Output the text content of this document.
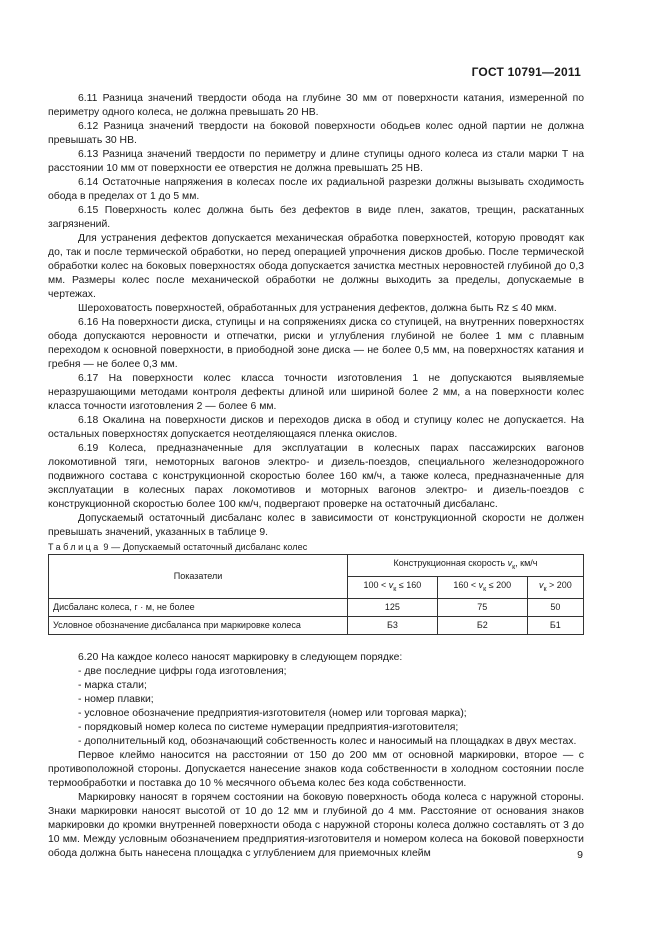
ГОСТ 10791—2011

6.11 Разница значений твердости обода на глубине 30 мм от поверхности катания, измеренной по периметру одного колеса, не должна превышать 20 НВ.

6.12 Разница значений твердости на боковой поверхности ободьев колес одной партии не должна превышать 30 НВ.

6.13 Разница значений твердости по периметру и длине ступицы одного колеса из стали марки Т на расстоянии 10 мм от поверхности ее отверстия не должна превышать 25 НВ.

6.14 Остаточные напряжения в колесах после их радиальной разрезки должны вызывать сходимость обода в пределах от 1 до 5 мм.

6.15 Поверхность колес должна быть без дефектов в виде плен, закатов, трещин, раскатанных загрязнений.

Для устранения дефектов допускается механическая обработка поверхностей, которую проводят как до, так и после термической обработки, но перед операцией упрочнения дисков дробью. После термической обработки колес на боковых поверхностях обода допускается зачистка местных неровностей глубиной до 0,3 мм. Размеры колес после механической обработки не должны выходить за пределы, допускаемые в чертежах.

Шероховатость поверхностей, обработанных для устранения дефектов, должна быть Rz ≤ 40 мкм.

6.16 На поверхности диска, ступицы и на сопряжениях диска со ступицей, на внутренних поверхностях обода допускаются неровности и отпечатки, риски и углубления глубиной не более 1 мм с плавным переходом к основной поверхности, в приободной зоне диска — не более 0,5 мм, на поверхностях катания и гребня — не более 0,3 мм.

6.17 На поверхности колес класса точности изготовления 1 не допускаются выявляемые неразрушающими методами контроля дефекты длиной или шириной более 2 мм, а на поверхности колес класса точности изготовления 2 — более 6 мм.

6.18 Окалина на поверхности дисков и переходов диска в обод и ступицу колес не допускается. На остальных поверхностях допускается неотделяющаяся пленка окислов.

6.19 Колеса, предназначенные для эксплуатации в колесных парах пассажирских вагонов локомотивной тяги, немоторных вагонов электро- и дизель-поездов, специального железнодорожного подвижного состава с конструкционной скоростью более 160 км/ч, а также колеса, предназначенные для эксплуатации в колесных парах локомотивов и моторных вагонов электро- и дизель-поездов с конструкционной скоростью более 100 км/ч, подвергают проверке на остаточный дисбаланс.

Допускаемый остаточный дисбаланс колес в зависимости от конструкционной скорости не должен превышать значений, указанных в таблице 9.

Таблица 9 — Допускаемый остаточный дисбаланс колес

Показатели	Конструкционная скорость $v_к$, км/ч		
	$100 < v_к \le 160$	$160 < v_к \le 200$	$v_к > 200$
Дисбаланс колеса, г · м, не более	125	75	50
Условное обозначение дисбаланса при маркировке колеса	Б3	Б2	Б1

6.20 На каждое колесо наносят маркировку в следующем порядке:

- две последние цифры года изготовления;

- марка стали;

- номер плавки;

- условное обозначение предприятия-изготовителя (номер или торговая марка);

- порядковый номер колеса по системе нумерации предприятия-изготовителя;

- дополнительный код, обозначающий собственность колес и наносимый на площадках в двух местах.

Первое клеймо наносится на расстоянии от 150 до 200 мм от основной маркировки, второе — с противоположной стороны. Допускается нанесение знаков кода собственности в холодном состоянии после термообработки и поставка до 10 % месячного объема колес без кода собственности.

Маркировку наносят в горячем состоянии на боковую поверхность обода колеса с наружной стороны. Знаки маркировки наносят высотой от 10 до 12 мм и глубиной до 4 мм. Расстояние от основания знаков маркировки до кромки внутренней поверхности обода с наружной стороны колеса должно составлять от 3 до 10 мм. Между условным обозначением предприятия-изготовителя и номером колеса на боковой поверхности обода должна быть нанесена площадка с углублением для приемочных клейм	9
